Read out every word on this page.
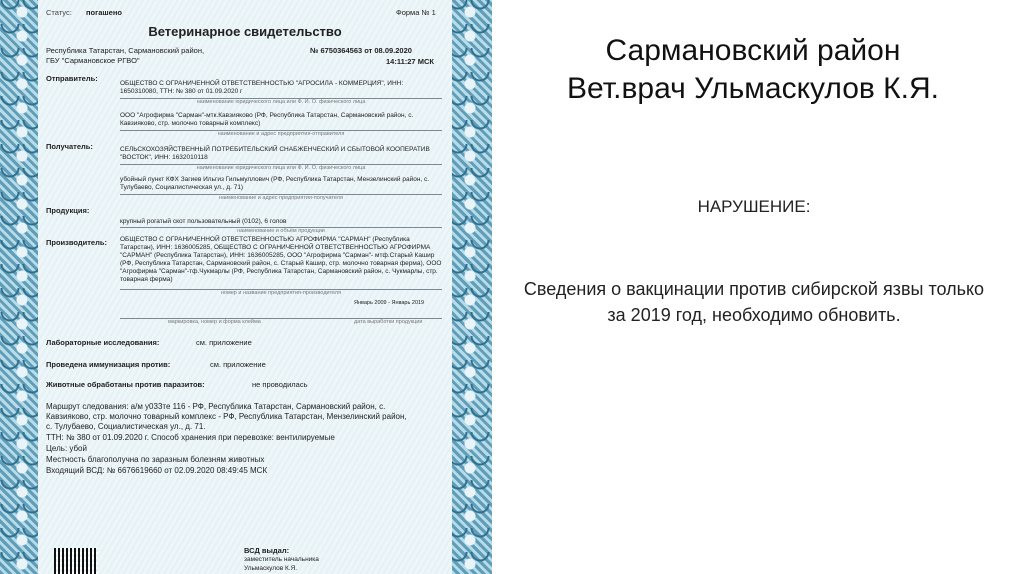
Статус: погашено	Форма № 1
Ветеринарное свидетельство
Республика Татарстан, Сармановский район,
ГБУ "Сармановское РГВО"
№ 6750364563 от 08.09.2020
14:11:27 МСК
Отправитель:
ОБЩЕСТВО С ОГРАНИЧЕННОЙ ОТВЕТСТВЕННОСТЬЮ "АГРОСИЛА - КОММЕРЦИЯ", ИНН: 1650310080, ТТН: № 380 от 01.09.2020 г
наименование юридического лица или Ф. И. О. физического лица
ООО "Агрофирма "Сарман"-мтк.Кавзияково (РФ, Республика Татарстан, Сармановский район, с. Кавзияково, стр. молочно товарный комплекс)
наименование и адрес предприятия-отправителя
Получатель:	СЕЛЬСКОХОЗЯЙСТВЕННЫЙ ПОТРЕБИТЕЛЬСКИЙ СНАБЖЕНЧЕСКИЙ И СБЫТОВОЙ КООПЕРАТИВ "ВОСТОК", ИНН: 1632010118
наименование юридического лица или Ф. И. О. физического лица
убойный пункт КФХ Загиев Ильгиз Гильмуллович (РФ, Республика Татарстан, Мензелинский район, с. Тулубаево, Социалистическая ул., д. 71)
наименование и адрес предприятия-получателя
Продукция:
крупный рогатый скот пользовательный (0102), 6 голов
наименование и объём продукции
Производитель: ОБЩЕСТВО С ОГРАНИЧЕННОЙ ОТВЕТСТВЕННОСТЬЮ АГРОФИРМА "САРМАН" (Республика Татарстан), ИНН: 1636005285, ОБЩЕСТВО С ОГРАНИЧЕННОЙ ОТВЕТСТВЕННОСТЬЮ АГРОФИРМА "САРМАН" (Республика Татарстан), ИНН: 1636005285, ООО "Агрофирма "Сарман"- мтф.Старый Кашир (РФ, Республика Татарстан, Сармановский район, с. Старый Кашир, стр. молочно товарная ферма), ООО "Агрофирма "Сарман"-тф.Чукмарлы (РФ, Республика Татарстан, Сармановский район, с. Чукмарлы, стр. товарная ферма)
номер и название предприятия-производителя
Январь 2009 - Январь 2019
маркировка, номер и форма клейма	дата выработки продукции
Лабораторные исследования:	см. приложение
Проведена иммунизация против:	см. приложение
Животные обработаны против паразитов:	не проводилась
Маршрут следования: а/м у033те 116 - РФ, Республика Татарстан, Сармановский район, с.
Кавзияково, стр. молочно товарный комплекс - РФ, Республика Татарстан, Мензелинский район,
с. Тулубаево, Социалистическая ул., д. 71.
ТТН: № 380 от 01.09.2020 г. Способ хранения при перевозке: вентилируемые
Цель: убой
Местность благополучна по заразным болезням животных
Входящий ВСД: № 6676619660 от 02.09.2020 08:49:45 МСК
ВСД выдал:
заместитель начальника
Ульмаскулов К.Я.
Сармановский район
Вет.врач Ульмаскулов К.Я.
НАРУШЕНИЕ:
Сведения о вакцинации против сибирской язвы только за 2019 год, необходимо обновить.
